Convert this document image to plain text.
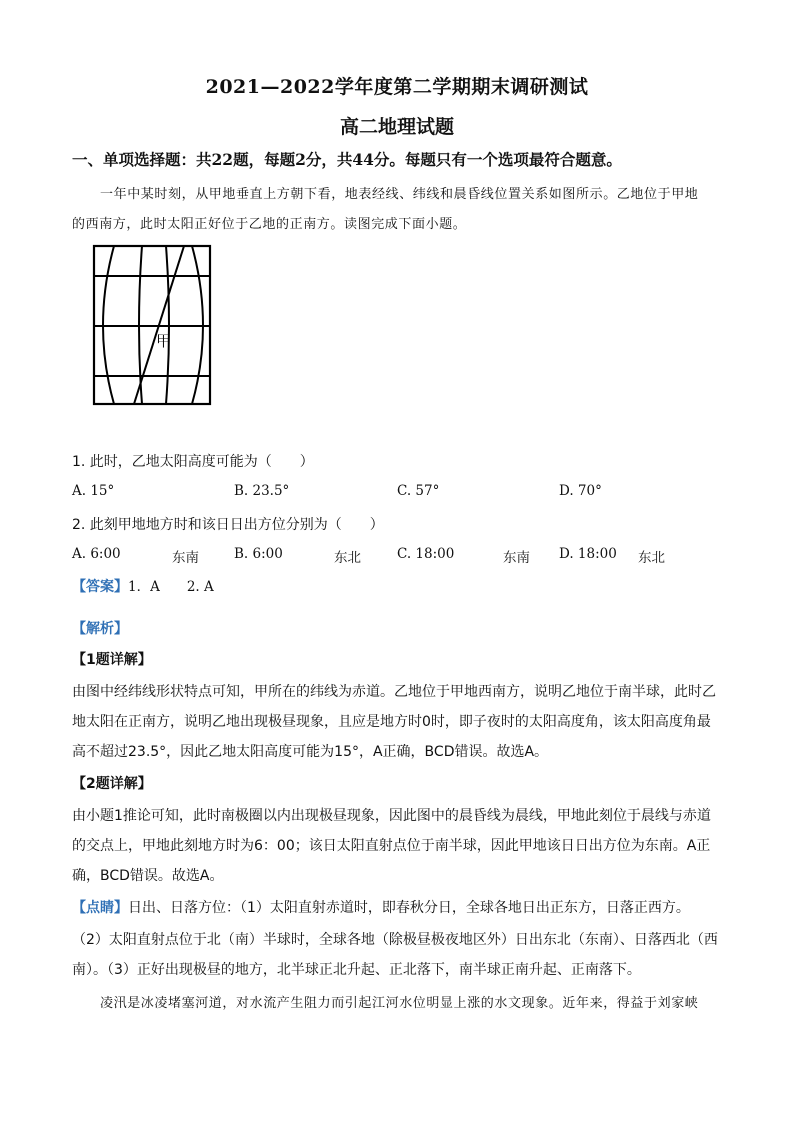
2021—2022学年度第二学期期末调研测试
高二地理试题
一、单项选择题：共22题，每题2分，共44分。每题只有一个选项最符合题意。
一年中某时刻，从甲地垂直上方朝下看，地表经线、纬线和晨昏线位置关系如图所示。乙地位于甲地
的西南方，此时太阳正好位于乙地的正南方。读图完成下面小题。
甲
1. 此时，乙地太阳高度可能为（　　）
A. 15°	B. 23.5°	C. 57°	D. 70°
2. 此刻甲地地方时和该日日出方位分别为（　　）
A. 6:00	东南	B. 6:00	东北	C. 18:00	东南 D. 18:00 东北
【答案】1．A　　2. A
【解析】
【1题详解】
由图中经纬线形状特点可知，甲所在的纬线为赤道。乙地位于甲地西南方，说明乙地位于南半球，此时乙
地太阳在正南方，说明乙地出现极昼现象，且应是地方时0时，即子夜时的太阳高度角，该太阳高度角最
高不超过23.5°，因此乙地太阳高度可能为15°，A正确，BCD错误。故选A。
【2题详解】
由小题1推论可知，此时南极圈以内出现极昼现象，因此图中的晨昏线为晨线，甲地此刻位于晨线与赤道
的交点上，甲地此刻地方时为6：00；该日太阳直射点位于南半球，因此甲地该日日出方位为东南。A正
确，BCD错误。故选A。
【点睛】日出、日落方位：（1）太阳直射赤道时，即春秋分日，全球各地日出正东方，日落正西方。
（2）太阳直射点位于北（南）半球时，全球各地（除极昼极夜地区外）日出东北（东南）、日落西北（西
南）。（3）正好出现极昼的地方，北半球正北升起、正北落下，南半球正南升起、正南落下。
凌汛是冰凌堵塞河道，对水流产生阻力而引起江河水位明显上涨的水文现象。近年来，得益于刘家峡
